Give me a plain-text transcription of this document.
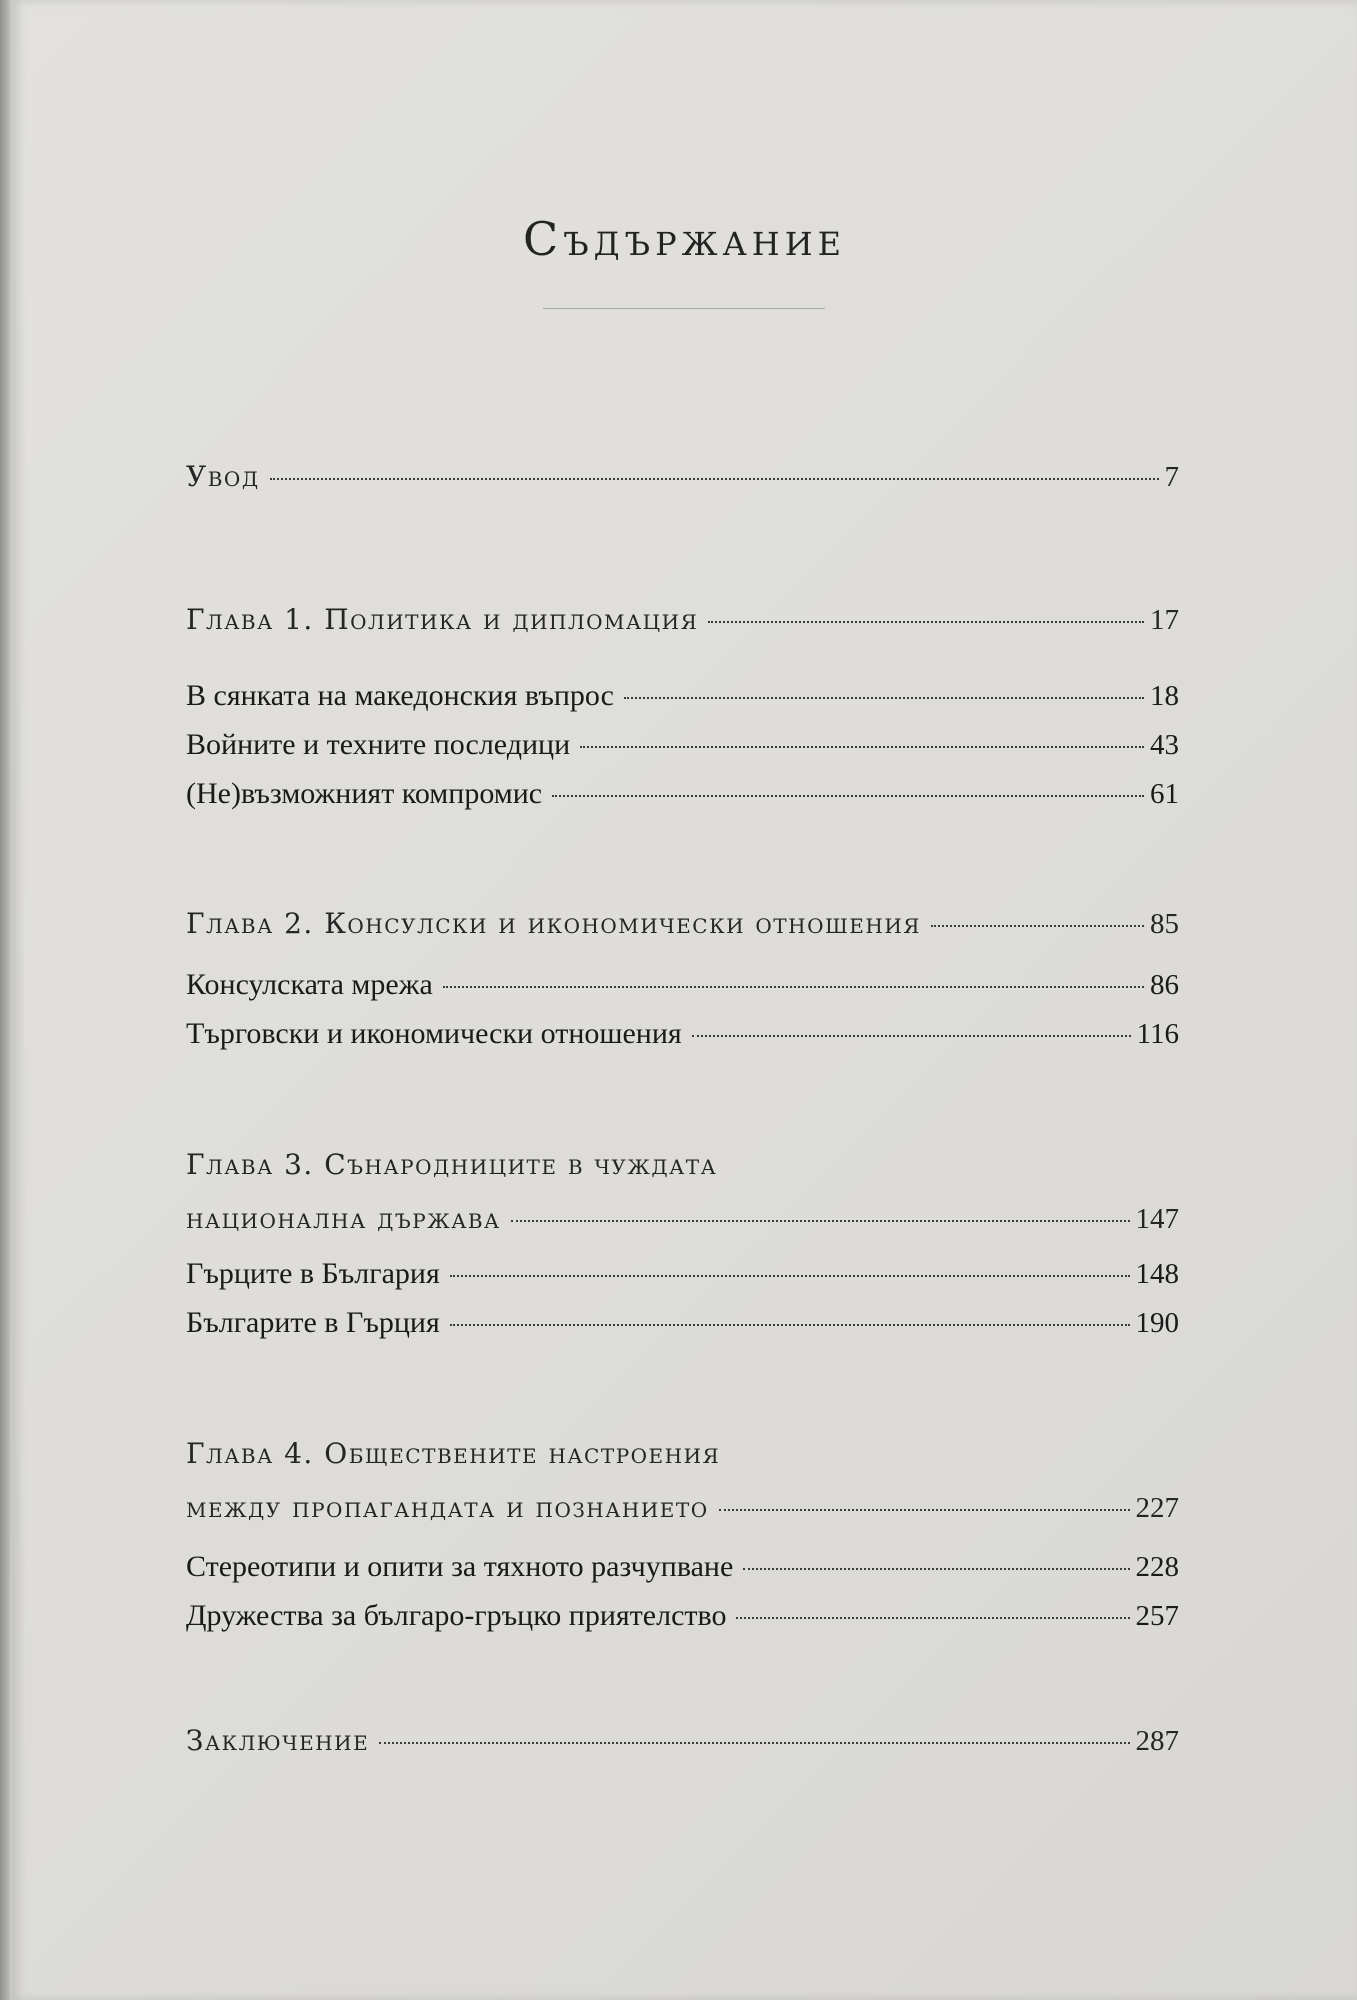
Съдържание
Увод	7
Глава 1. Политика и дипломация	17
В сянката на македонския въпрос	18
Войните и техните последици	43
(Не)възможният компромис	61
Глава 2. Консулски и икономически отношения	85
Консулската мрежа	86
Търговски и икономически отношения	116
Глава 3. Сънародниците в чуждата
национална държава	147
Гърците в България	148
Българите в Гърция	190
Глава 4. Обществените настроения
между пропагандата и познанието	227
Стереотипи и опити за тяхното разчупване	228
Дружества за българо-гръцко приятелство	257
Заключение	287
